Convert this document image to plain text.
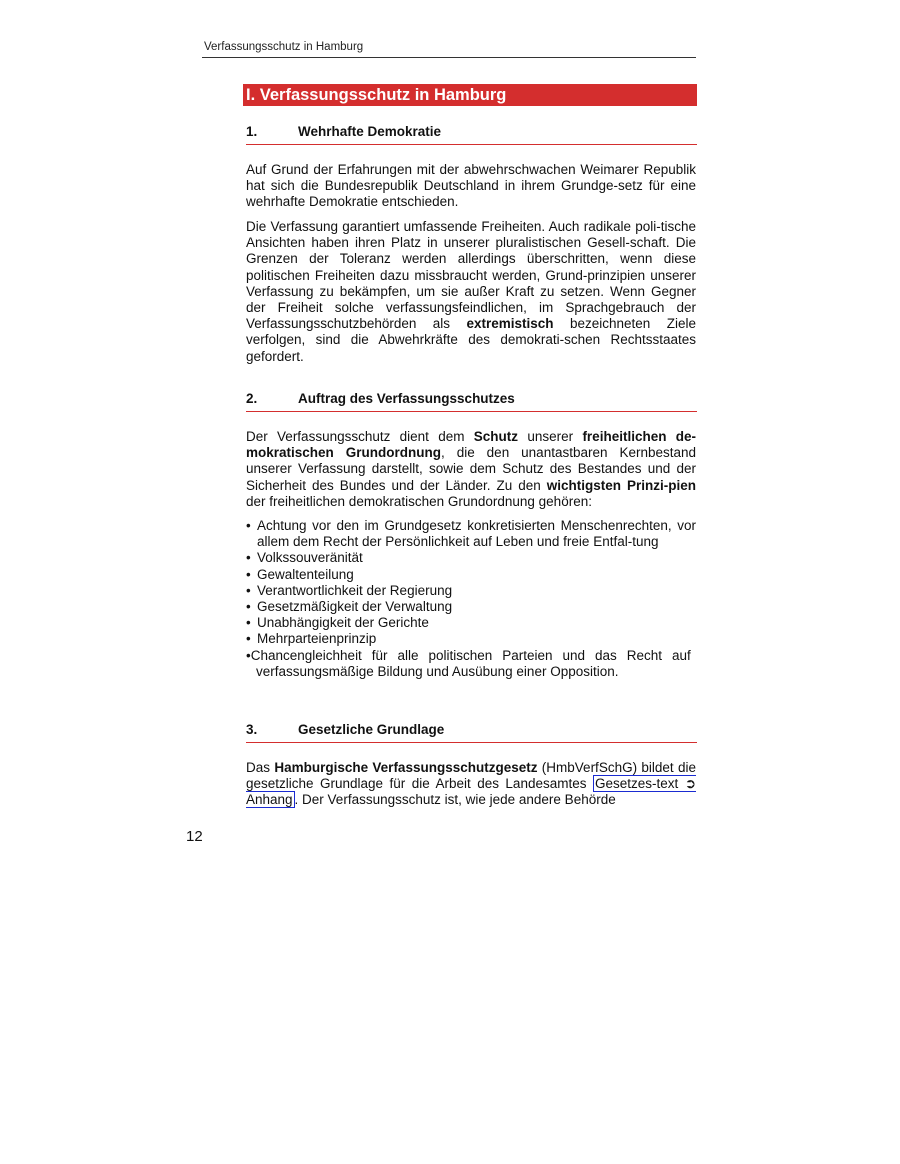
Verfassungsschutz in Hamburg
I. Verfassungsschutz in Hamburg
1.	Wehrhafte Demokratie
Auf Grund der Erfahrungen mit der abwehrschwachen Weimarer Republik hat sich die Bundesrepublik Deutschland in ihrem Grundge-setz für eine wehrhafte Demokratie entschieden.
Die Verfassung garantiert umfassende Freiheiten. Auch radikale poli-tische Ansichten haben ihren Platz in unserer pluralistischen Gesell-schaft. Die Grenzen der Toleranz werden allerdings überschritten, wenn diese politischen Freiheiten dazu missbraucht werden, Grund-prinzipien unserer Verfassung zu bekämpfen, um sie außer Kraft zu setzen. Wenn Gegner der Freiheit solche verfassungsfeindlichen, im Sprachgebrauch der Verfassungsschutzbehörden als extremistisch bezeichneten Ziele verfolgen, sind die Abwehrkräfte des demokrati-schen Rechtsstaates gefordert.
2.	Auftrag des Verfassungsschutzes
Der Verfassungsschutz dient dem Schutz unserer freiheitlichen de-mokratischen Grundordnung, die den unantastbaren Kernbestand unserer Verfassung darstellt, sowie dem Schutz des Bestandes und der Sicherheit des Bundes und der Länder. Zu den wichtigsten Prinzi-pien der freiheitlichen demokratischen Grundordnung gehören:
• Achtung vor den im Grundgesetz konkretisierten Menschenrechten, vor allem dem Recht der Persönlichkeit auf Leben und freie Entfal-tung
• Volkssouveränität
• Gewaltenteilung
• Verantwortlichkeit der Regierung
• Gesetzmäßigkeit der Verwaltung
• Unabhängigkeit der Gerichte
• Mehrparteienprinzip
•Chancengleichheit für alle politischen Parteien und das Recht auf
verfassungsmäßige Bildung und Ausübung einer Opposition.
3.	Gesetzliche Grundlage
Das Hamburgische Verfassungsschutzgesetz (HmbVerfSchG) bildet die gesetzliche Grundlage für die Arbeit des Landesamtes Gesetzes-text ➲ Anhang . Der Verfassungsschutz ist, wie jede andere Behörde
12
